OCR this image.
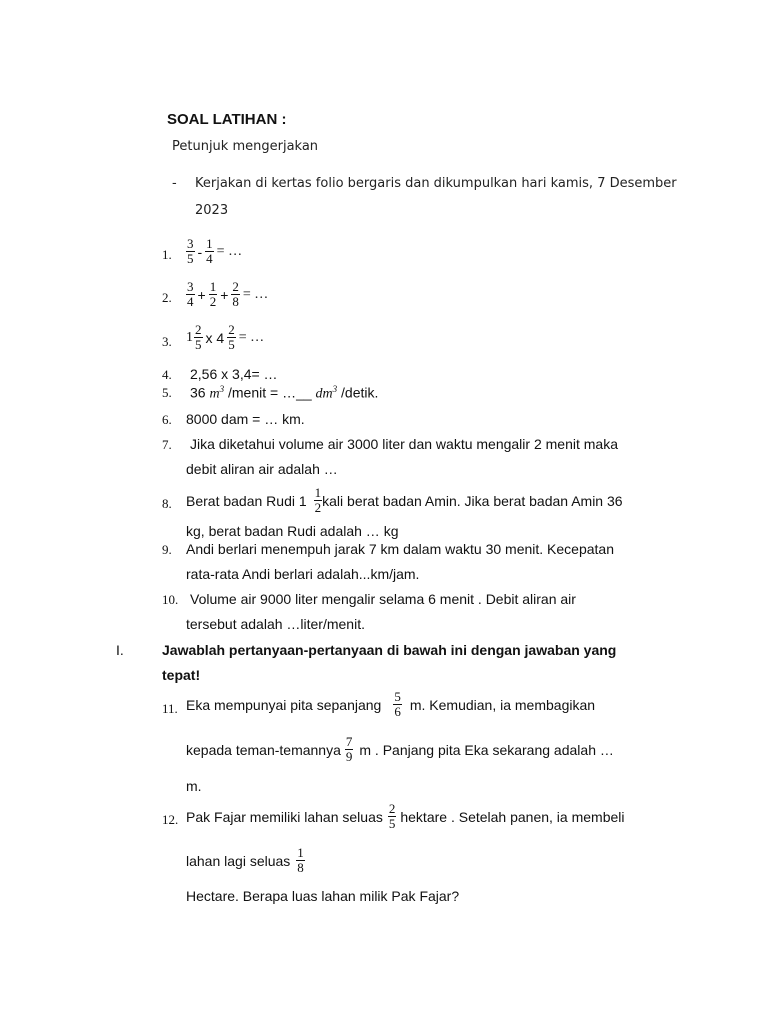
SOAL LATIHAN :
Petunjuk mengerjakan
- Kerjakan di kertas folio bergaris dan dikumpulkan hari kamis, 7 Desember
2023
1. $\frac{3}{5} - \frac{1}{4}$ = …
2. $\frac{3}{4} + \frac{1}{2} + \frac{2}{8}$ = …
3. $1 \frac{2}{5}$ x $4 \frac{2}{5}$ = …
4. 2,56 x 3,4= …
5. 36 $m^3$ /menit = …__ $dm^3$ /detik.
6. 8000 dam = … km.
7. Jika diketahui volume air 3000 liter dan waktu mengalir 2 menit maka
debit aliran air adalah …
8. Berat badan Rudi $1 \frac{1}{2}$ kali berat badan Amin. Jika berat badan Amin 36
kg, berat badan Rudi adalah … kg
9. Andi berlari menempuh jarak 7 km dalam waktu 30 menit. Kecepatan
rata-rata Andi berlari adalah...km/jam.
10. Volume air 9000 liter mengalir selama 6 menit . Debit aliran air
tersebut adalah …liter/menit.
I.	Jawablah pertanyaan-pertanyaan di bawah ini dengan jawaban yang
tepat!
11. Eka mempunyai pita sepanjang $\frac{5}{6} m$. Kemudian, ia membagikan
kepada teman-temannya $\frac{7}{9}$ m . Panjang pita Eka sekarang adalah …
m.
12. Pak Fajar memiliki lahan seluas $\frac{2}{5}$ hektare . Setelah panen, ia membeli
lahan lagi seluas $\frac{1}{8}$
Hectare. Berapa luas lahan milik Pak Fajar?
